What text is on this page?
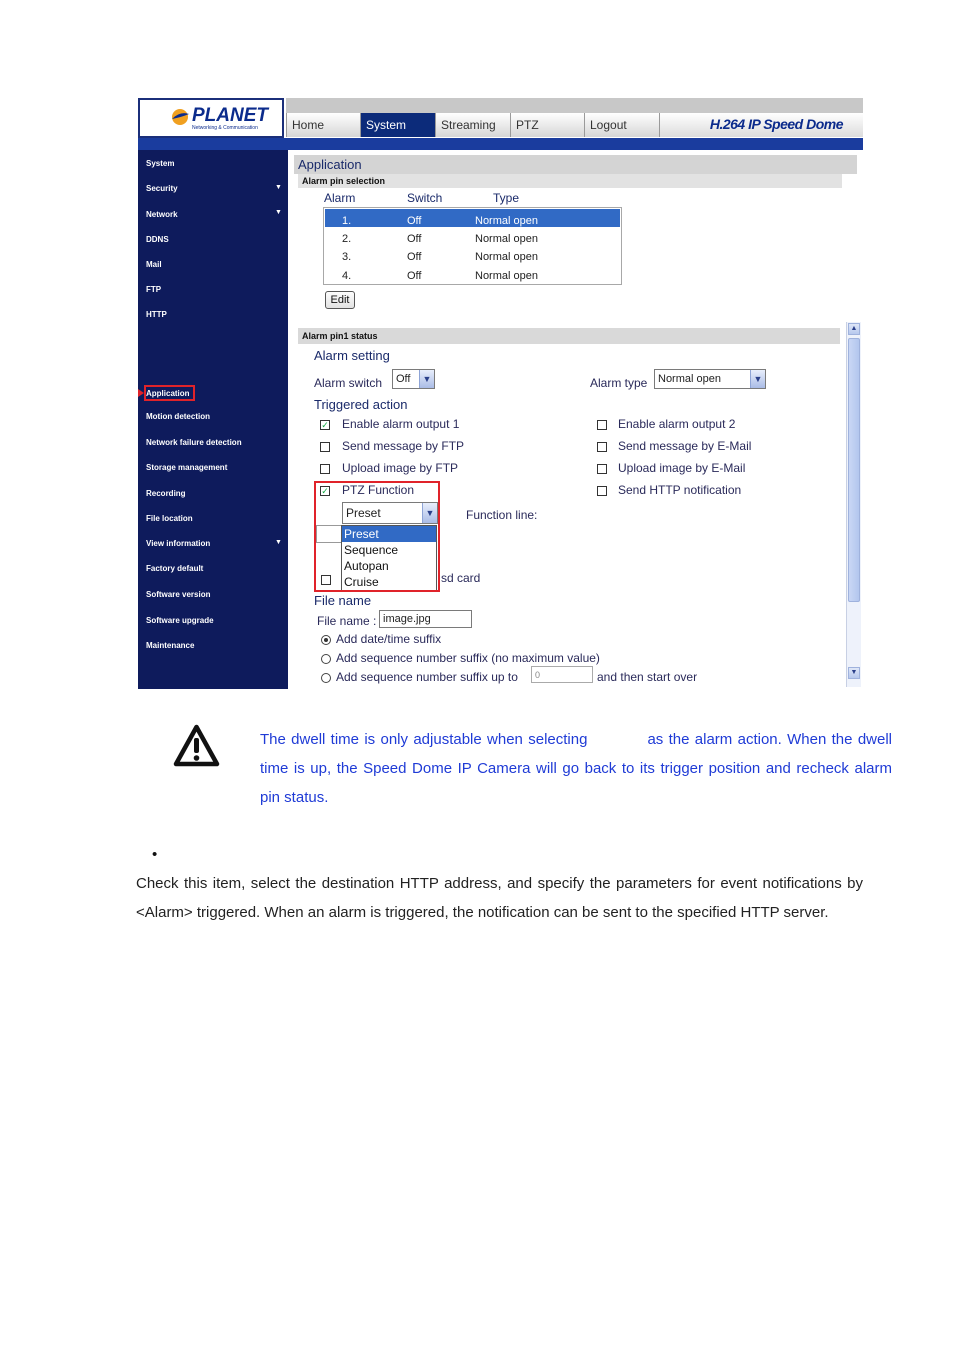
PLANET
Networking & Communication	Home	System	Streaming	PTZ	Logout	H.264 IP Speed Dome
System
Security	▼
Network	▼
DDNS
Mail
FTP
HTTP
Application
Motion detection
Network failure detection
Storage management
Recording
File location
View information	▼
Factory default
Software version
Software upgrade
Maintenance
Application
Alarm pin selection
Alarm	Switch	Type
1.	Off	Normal open
2.	Off	Normal open
3.	Off	Normal open
4.	Off	Normal open
Edit
Alarm pin1 status
Alarm setting
Alarm switch	Off	▼	Alarm type Normal open	▼
Triggered action
✓ Enable alarm output 1	Enable alarm output 2
Send message by FTP	Send message by E-Mail
Upload image by FTP	Upload image by E-Mail
✓ PTZ Function	Send HTTP notification
Preset	▼	Function line:
Preset
Sequence
Autopan
Cruise	sd card
File name
File name : image.jpg
Add date/time suffix
Add sequence number suffix (no maximum value)
Add sequence number suffix up to	0	and then start over
▲
▼
The dwell time is only adjustable when selecting	as the alarm action. When the dwell time is up, the Speed Dome IP Camera will go back to its trigger position and recheck alarm pin status.
•
Check this item, select the destination HTTP address, and specify the parameters for event notifications by <Alarm> triggered. When an alarm is triggered, the notification can be sent to the specified HTTP server.
